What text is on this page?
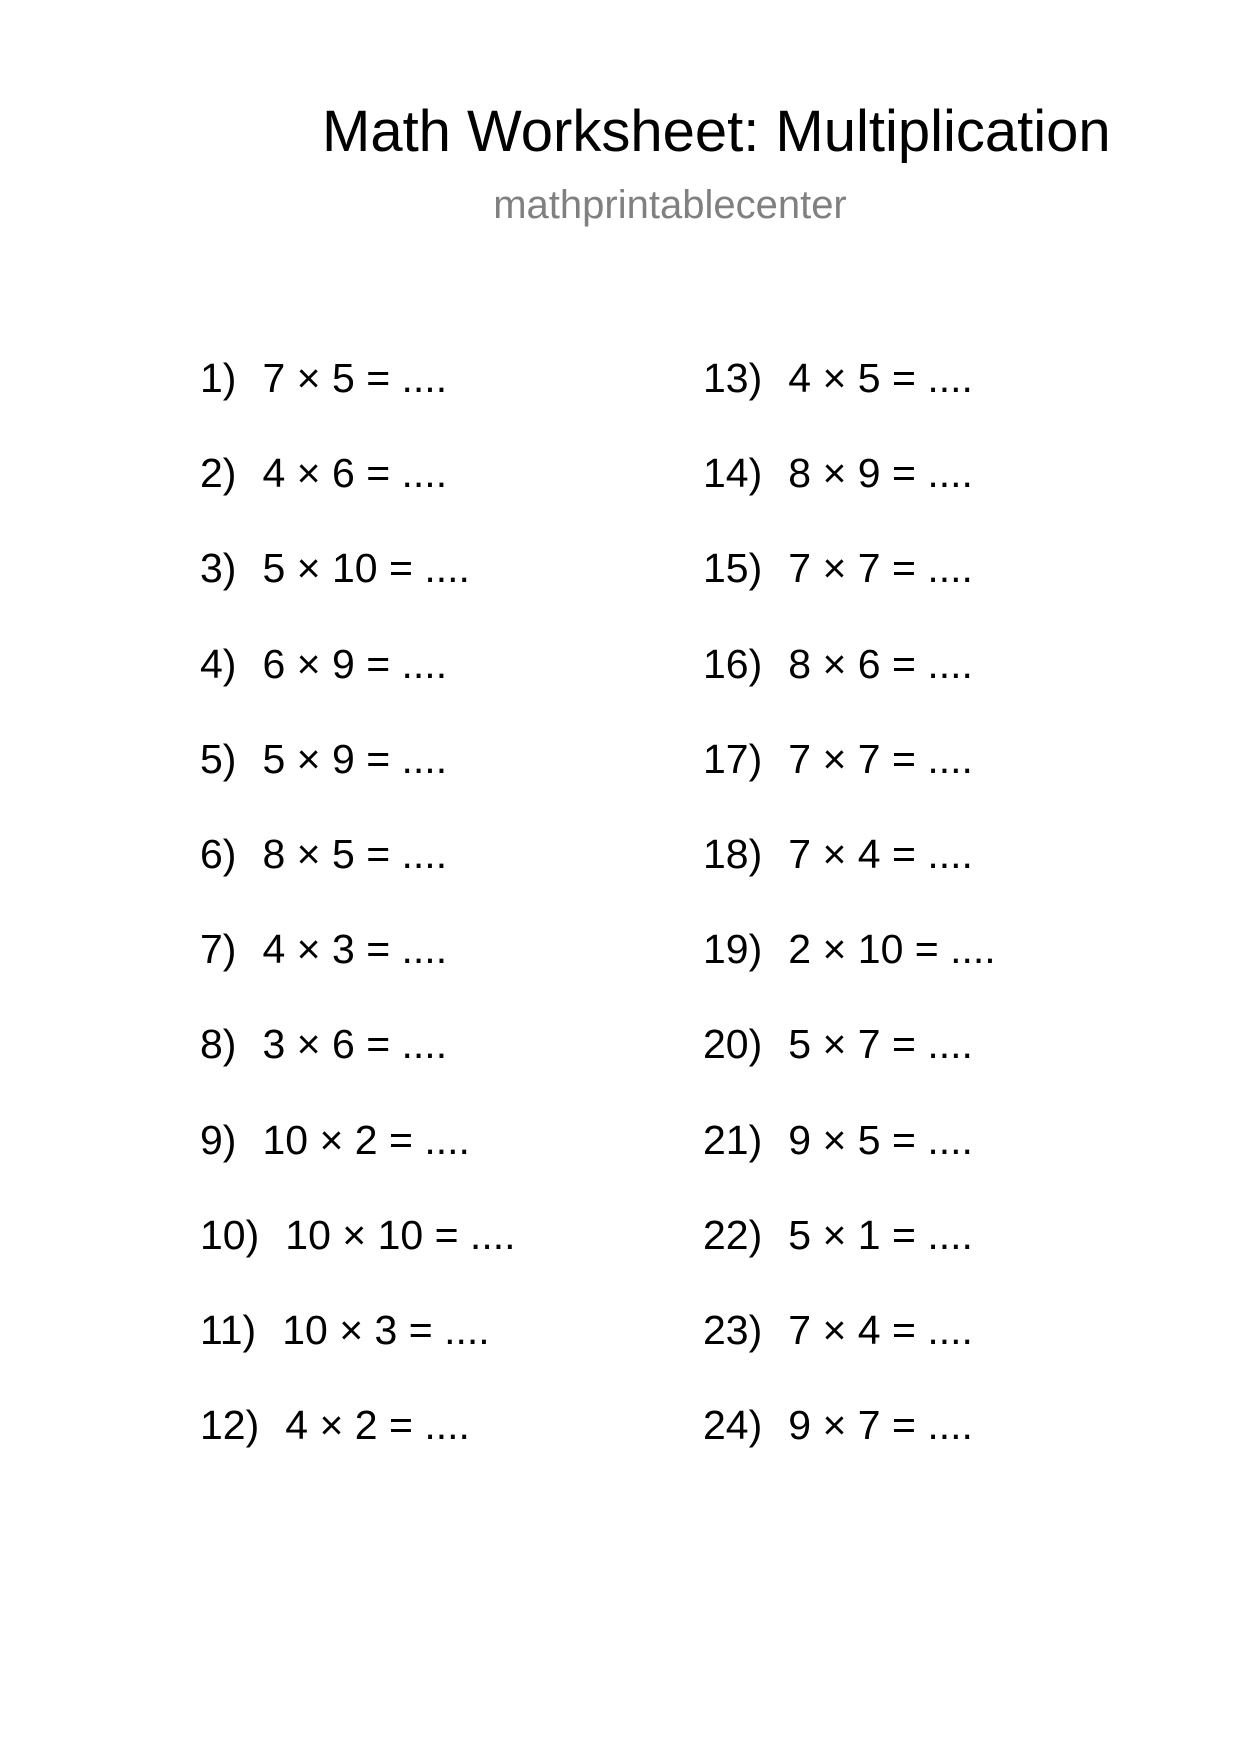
Math Worksheet: Multiplication
mathprintablecenter
1) 7 × 5 = ....
2) 4 × 6 = ....
3) 5 × 10 = ....
4) 6 × 9 = ....
5) 5 × 9 = ....
6) 8 × 5 = ....
7) 4 × 3 = ....
8) 3 × 6 = ....
9) 10 × 2 = ....
10) 10 × 10 = ....
11) 10 × 3 = ....
12) 4 × 2 = ....
13) 4 × 5 = ....
14) 8 × 9 = ....
15) 7 × 7 = ....
16) 8 × 6 = ....
17) 7 × 7 = ....
18) 7 × 4 = ....
19) 2 × 10 = ....
20) 5 × 7 = ....
21) 9 × 5 = ....
22) 5 × 1 = ....
23) 7 × 4 = ....
24) 9 × 7 = ....
